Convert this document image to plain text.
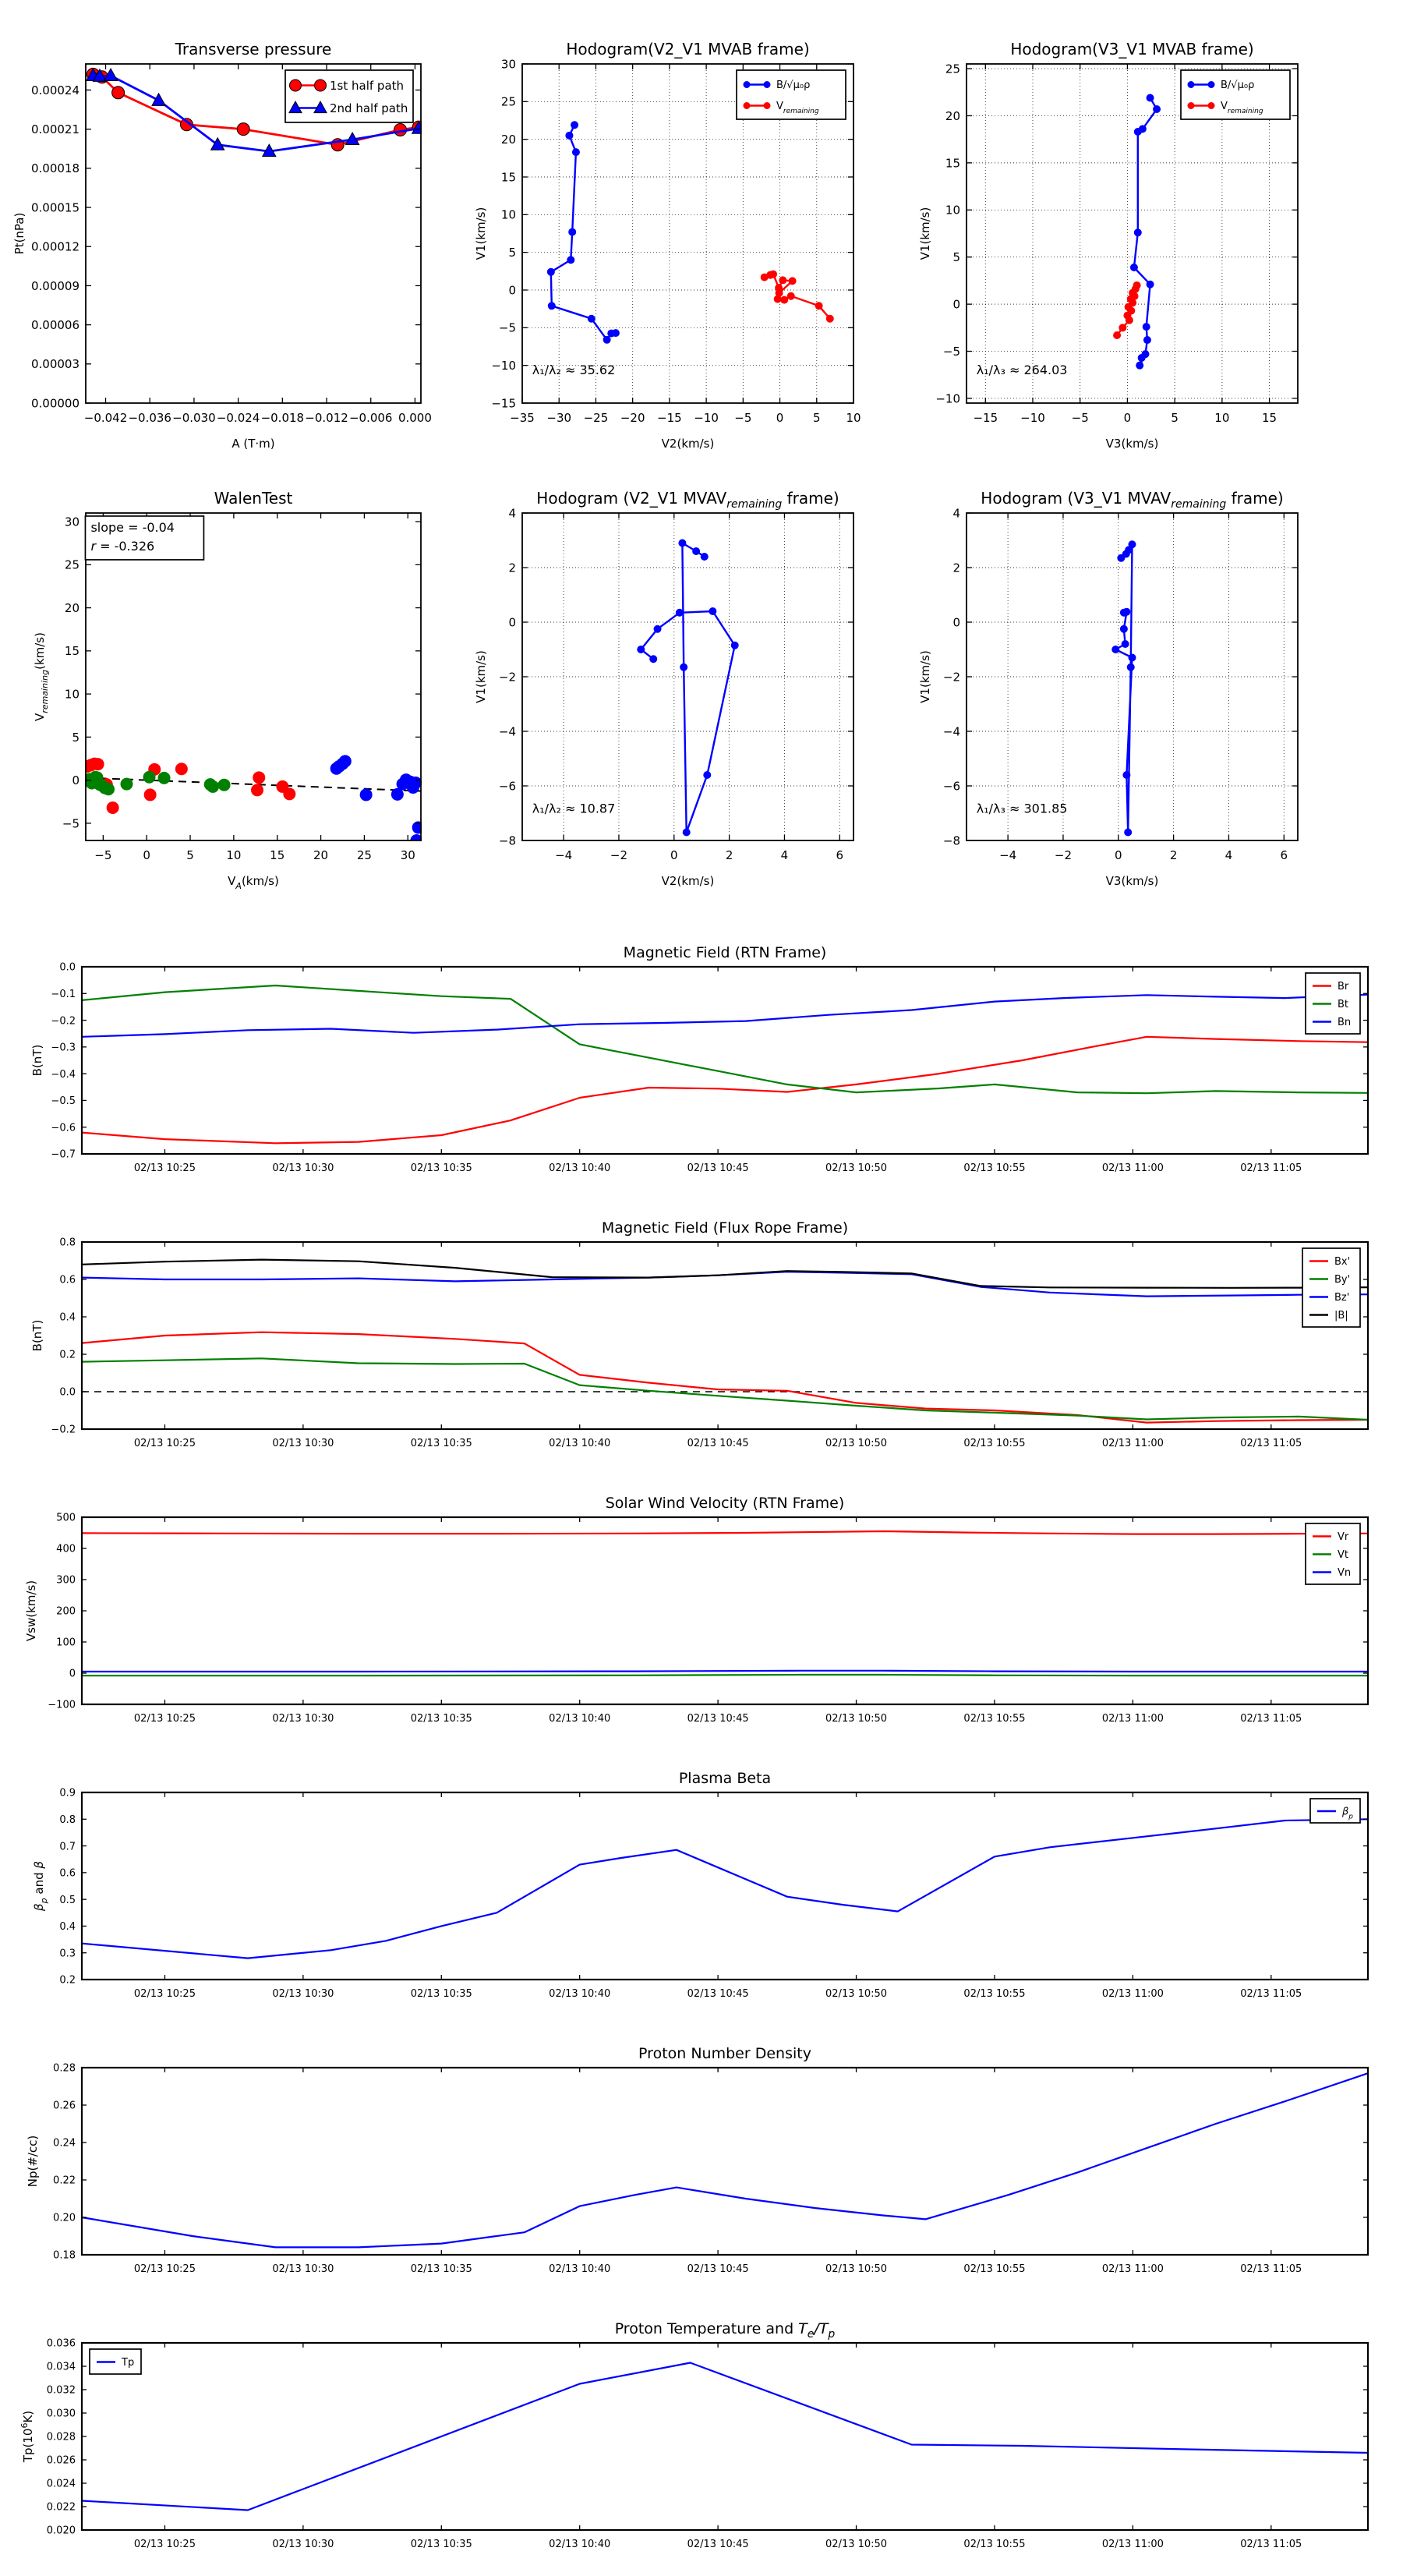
−0.042 −0.036 −0.030 −0.024 −0.018 −0.012 −0.006 0.000
0.00000
0.00003
0.00006
0.00009
0.00012
0.00015
0.00018
0.00021
0.00024
Transverse pressure
A (T·m)
Pt(nPa)
1st half path
2nd half path
−35 −30 −25 −20 −15 −10 −5 0	5 10
−15
−10
−5
0
5
10
15
20
25
30
Hodogram(V2_V1 MVAB frame)
V2(km/s)
V1(km/s)
λ₁/λ₂ ≈ 35.62
B/√μ₀ρ
$V_{remaining}$
−15 −10 −5	0	5	10	15
−10
−5
0
5
10
15
20
25
Hodogram(V3_V1 MVAB frame)
V3(km/s)
V1(km/s)
λ₁/λ₃ ≈ 264.03
B/√μ₀ρ
$V_{remaining}$
−5	0	5	10 15 20 25 30
−5
0
5
10
15
20
25
30
WalenTest
$V_A(km/s)$
$V_{remaining}(km/s)$
slope = -0.04
r = -0.326
−4	−2	0	2	4	6
−8
−6
−4
−2
0
2
4
Hodogram (V2_V1 $MVAV_{remaining}$ frame)
V2(km/s)
V1(km/s)
λ₁/λ₂ ≈ 10.87
−4	−2	0	2	4	6
−8
−6
−4
−2
0
2
4
Hodogram (V3_V1 $MVAV_{remaining}$ frame)
V3(km/s)
V1(km/s)
λ₁/λ₃ ≈ 301.85
02/13 10:25	02/13 10:30	02/13 10:35	02/13 10:40	02/13 10:45	02/13 10:50	02/13 10:55	02/13 11:00	02/13 11:05
0.0
−0.1
−0.2
−0.3
−0.4
−0.5
−0.6
−0.7
Magnetic Field (RTN Frame)
B(nT)
Br
Bt
Bn
02/13 10:25	02/13 10:30	02/13 10:35	02/13 10:40	02/13 10:45	02/13 10:50	02/13 10:55	02/13 11:00	02/13 11:05
−0.2
0.0
0.2
0.4
0.6
0.8
Magnetic Field (Flux Rope Frame)
B(nT)
Bx'
By'
Bz'
|B|
02/13 10:25	02/13 10:30	02/13 10:35	02/13 10:40	02/13 10:45	02/13 10:50	02/13 10:55	02/13 11:00	02/13 11:05
−100
0
100
200
300
400
500
Solar Wind Velocity (RTN Frame)
Vsw(km/s)
Vr
Vt
Vn
02/13 10:25	02/13 10:30	02/13 10:35	02/13 10:40	02/13 10:45	02/13 10:50	02/13 10:55	02/13 11:00	02/13 11:05
0.2
0.3
0.4
0.5
0.6
0.7
0.8
0.9
Plasma Beta
$\beta_p$ and β
$\beta_p$
02/13 10:25	02/13 10:30	02/13 10:35	02/13 10:40	02/13 10:45	02/13 10:50	02/13 10:55	02/13 11:00	02/13 11:05
0.18
0.20
0.22
0.24
0.26
0.28
Proton Number Density
Np(#/cc)
02/13 10:25	02/13 10:30	02/13 10:35	02/13 10:40	02/13 10:45	02/13 10:50	02/13 10:55	02/13 11:00	02/13 11:05
0.020
0.022
0.024
0.026
0.028
0.030
0.032
0.034
0.036
Proton Temperature and $T_e/T_p$
$Tp(10^6K)$
Tp
